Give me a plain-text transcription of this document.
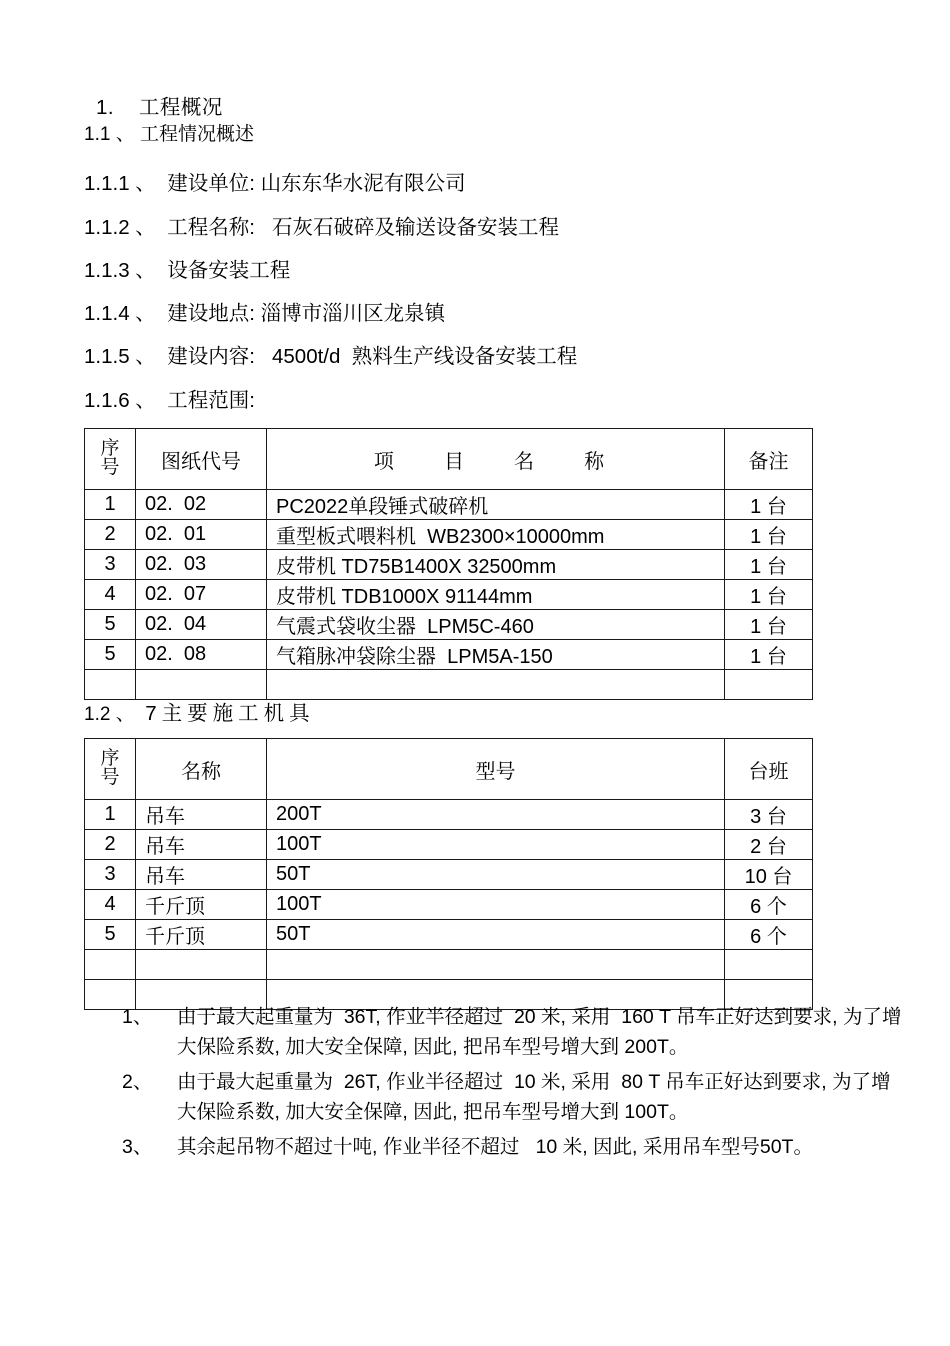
1. 工程概况
1.1 、 工程情况概述
1.1.1 、 建设单位: 山东东华水泥有限公司
1.1.2 、 工程名称:   石灰石破碎及输送设备安装工程
1.1.3 、 设备安装工程
1.1.4 、 建设地点: 淄博市淄川区龙泉镇
1.1.5 、 建设内容:   4500t/d  熟料生产线设备安装工程
1.1.6 、 工程范围:
序
号	图纸代号	项  目  名  称	备注
1	02.  02	PC2022单段锤式破碎机	1 台
2	02.  01	重型板式喂料机  WB2300×10000mm	1 台
3	02.  03	皮带机 TD75B1400X 32500mm	1 台
4	02.  07	皮带机 TDB1000X 91144mm	1 台
5	02.  04	气震式袋收尘器  LPM5C-460	1 台
5	02.  08	气箱脉冲袋除尘器  LPM5A-150	1 台

1.2 、 7主要施工机具
序
号	名称	型号	台班
1	吊车	200T	3 台
2	吊车	100T	2 台
3	吊车	50T	10 台
4	千斤顶	100T	6 个
5	千斤顶	50T	6 个

1、 由于最大起重量为  36T, 作业半径超过  20 米, 采用  160 T 吊车正好达到要求, 为了增大保险系数, 加大安全保障, 因此, 把吊车型号增大到 200T。
2、 由于最大起重量为  26T, 作业半径超过  10 米, 采用  80 T 吊车正好达到要求, 为了增大保险系数, 加大安全保障, 因此, 把吊车型号增大到 100T。
3、 其余起吊物不超过十吨, 作业半径不超过   10 米, 因此, 采用吊车型号50T。
